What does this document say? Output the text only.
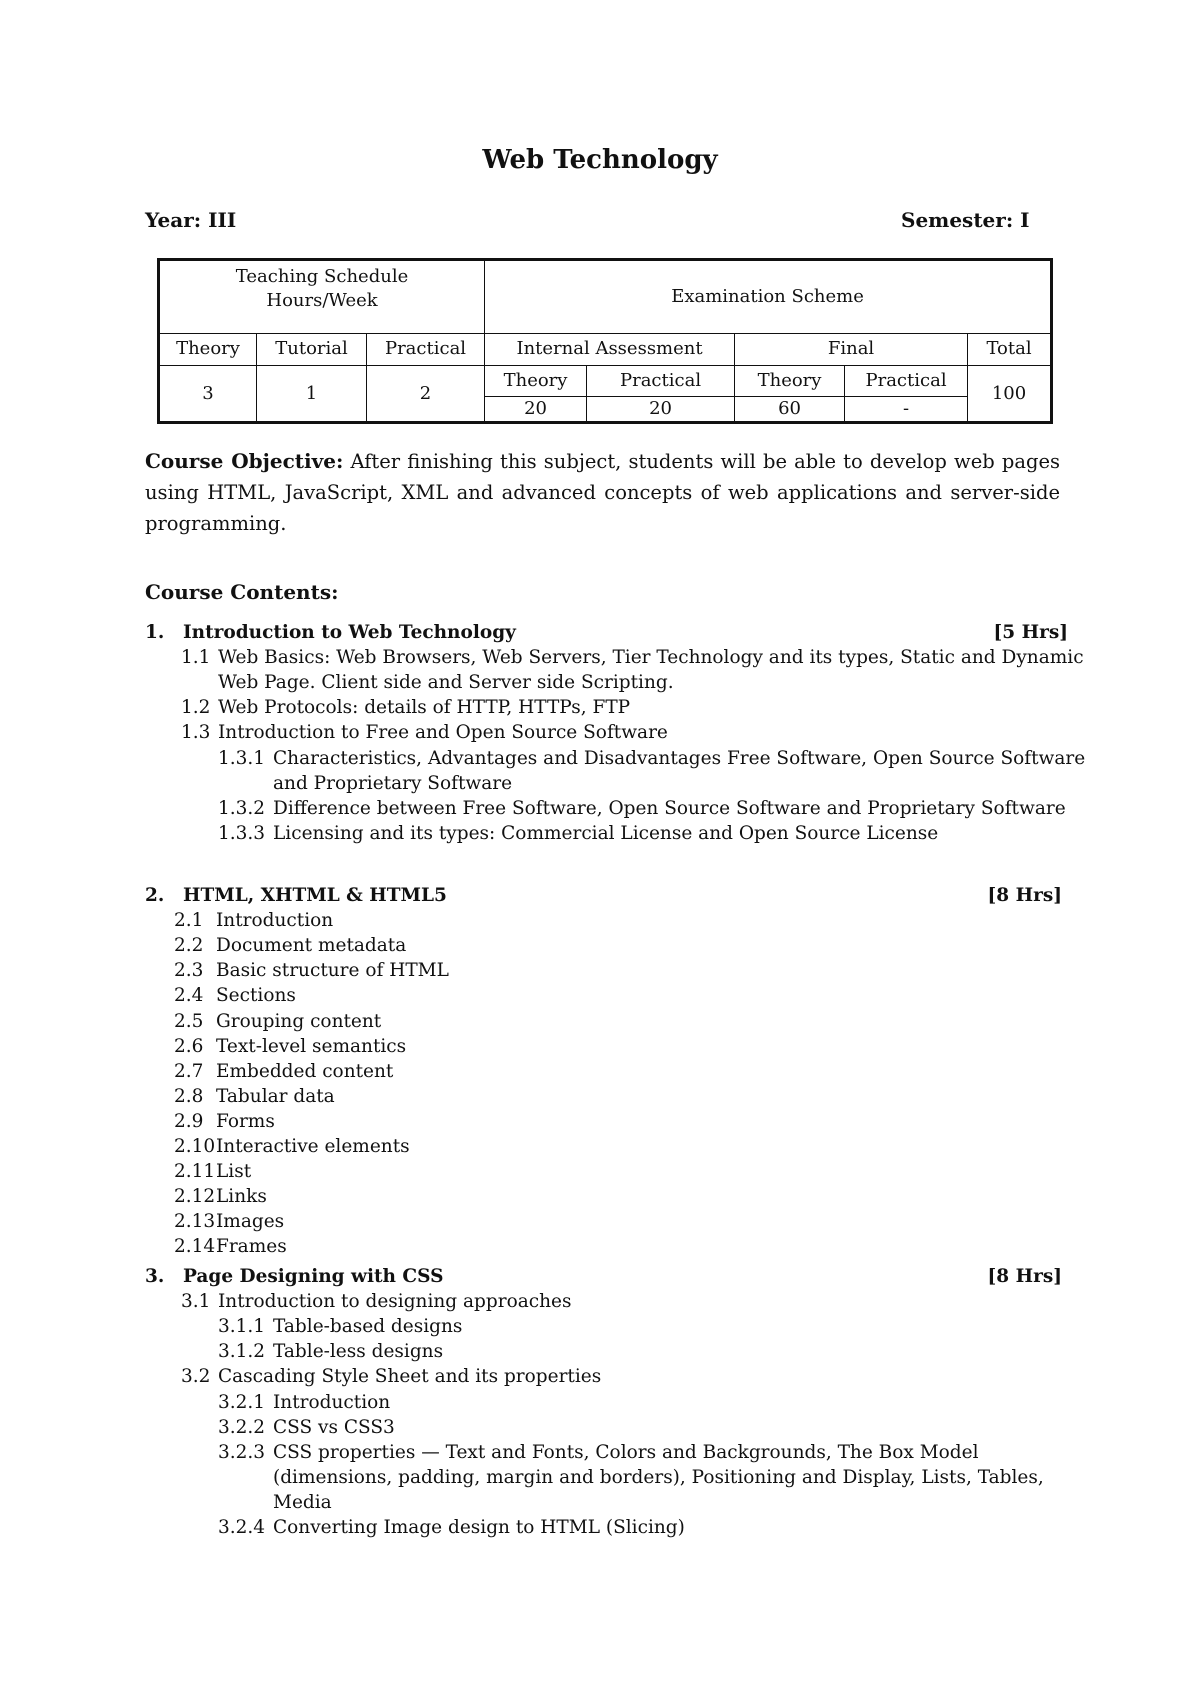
Web Technology
Year: III	Semester: I
Teaching Schedule
Hours/Week			Examination Scheme				
Theory	Tutorial	Practical	Internal Assessment		Final		Total
3	1	2	Theory	Practical	Theory	Practical	100
			20	20	60	-	
Course Objective: After finishing this subject, students will be able to develop web pages using HTML, JavaScript, XML and advanced concepts of web applications and server-side programming.
Course Contents:
1. Introduction to Web Technology	[5 Hrs]
1.1 Web Basics: Web Browsers, Web Servers, Tier Technology and its types, Static and Dynamic
Web Page. Client side and Server side Scripting.
1.2 Web Protocols: details of HTTP, HTTPs, FTP
1.3 Introduction to Free and Open Source Software
1.3.1 Characteristics, Advantages and Disadvantages Free Software, Open Source Software
and Proprietary Software
1.3.2 Difference between Free Software, Open Source Software and Proprietary Software
1.3.3 Licensing and its types: Commercial License and Open Source License
2. HTML, XHTML & HTML5	[8 Hrs]
2.1 Introduction
2.2 Document metadata
2.3 Basic structure of HTML
2.4 Sections
2.5 Grouping content
2.6 Text-level semantics
2.7 Embedded content
2.8 Tabular data
2.9 Forms
2.10Interactive elements
2.11List
2.12Links
2.13Images
2.14Frames
3. Page Designing with CSS	[8 Hrs]
3.1 Introduction to designing approaches
3.1.1 Table-based designs
3.1.2 Table-less designs
3.2 Cascading Style Sheet and its properties
3.2.1 Introduction
3.2.2 CSS vs CSS3
3.2.3 CSS properties — Text and Fonts, Colors and Backgrounds, The Box Model
(dimensions, padding, margin and borders), Positioning and Display, Lists, Tables,
Media
3.2.4 Converting Image design to HTML (Slicing)
